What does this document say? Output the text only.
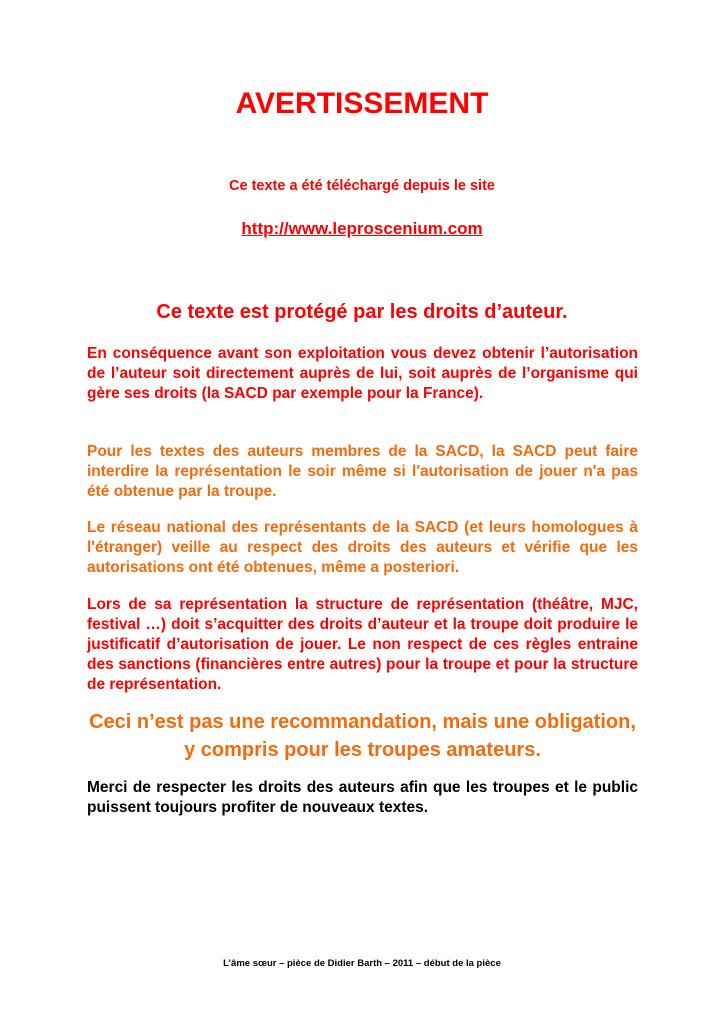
AVERTISSEMENT
Ce texte a été téléchargé depuis le site
http://www.leproscenium.com
Ce texte est protégé par les droits d’auteur.

En conséquence avant son exploitation vous devez obtenir l’autorisation de l’auteur soit directement auprès de lui, soit auprès de l’organisme qui gère ses droits (la SACD par exemple pour la France).

Pour les textes des auteurs membres de la SACD, la SACD peut faire interdire la représentation le soir même si l'autorisation de jouer n'a pas été obtenue par la troupe.

Le réseau national des représentants de la SACD (et leurs homologues à l'étranger) veille au respect des droits des auteurs et vérifie que les autorisations ont été obtenues, même a posteriori.

Lors de sa représentation la structure de représentation (théâtre, MJC, festival …) doit s’acquitter des droits d’auteur et la troupe doit produire le justificatif d’autorisation de jouer. Le non respect de ces règles entraine des sanctions (financières entre autres) pour la troupe et pour la structure de représentation.

Ceci n’est pas une recommandation, mais une obligation, y compris pour les troupes amateurs.

Merci de respecter les droits des auteurs afin que les troupes et le public puissent toujours profiter de nouveaux textes.

L’âme sœur – pièce de Didier Barth – 2011 – début de la pièce
